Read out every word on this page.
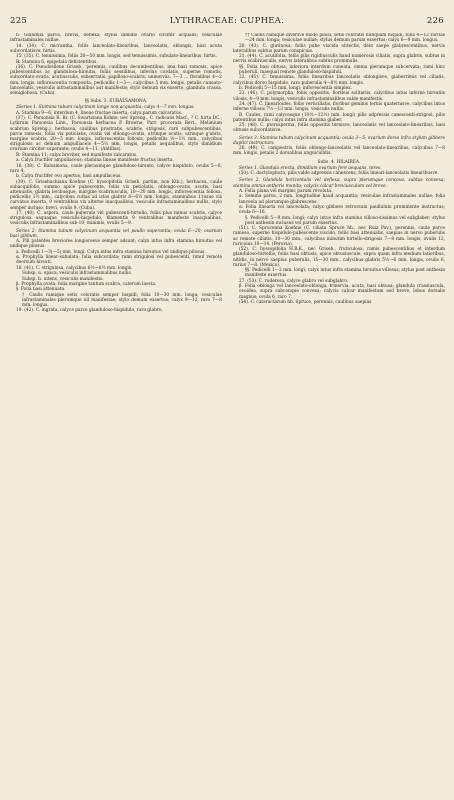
225	LYTHRACEAE: CUPHEA.	226

b. Glandula parva, brevis, deflexa; stylus dimidio ovario circiter acqualis; vesiculae infrastaminales nullae.

14. (34). C. micrantha, foliis lanceolato-linearibus, lanceolatis, oblongis, basi acuta subcordatisve, hirtis.

15. (35). C. tenuissima, foliis 20—50 mm. longis, sed tenuissimis, subulato-linearibus, hirtis.

B. Stamina 6, epipetala deficientibus.

(36). C. Pseudosilene Griseb., perennis, caulibus decumbentibus, ima basi ramosis, apice pubescentibus ac glanduloso-hirsutis, foliis sessilibus, inferius cordatis, superne remotis, subcordato-ovatis, acutiusculis, subserratis, papilloso-scabris, uninerviis, 7—3 ... floralibus 4—2 mm. longis, inflorescentia composita, pedicellis 1—3—, calycibus 5 mm. longis, petalis cuneato-lanceolatis, vesiculis infrastaminalibus aut manifestis; stylo demum vix exserto, glandula crassa, semiglobosa. (Cuba).

§§ Subs. 3. EUBALSAMONA.

‡Series 1. Stamina tubum calycinum longe non acquantia; calyx 4—7 mm. longus.

A. Stamina 9—6, interdum 4, lineae fructae inserta; calyx parum calcaratus.

(37). C. Parsonsia R. Br. (C. Swartziana Kohne, nec Spreng., C. radicans Macf., ? C. hirta DC., Lythrum Parsonsia Linn., Parsonsia herbacea P. Browne, Parr. procerata Bert., Melanium scabrum Spreng.), herbacea, caulibus prostratis, scabris, strigosis, raro subpubescentibus, parce ramosis, foliis vix petiolatis, ovatis vel oblongo-ovatis, utrinque acutis, utrinque g'abris, margine scabris, 20—5 mm. longis, inflorescentia foliosis, pedicellis ½—1½ mm., calycibus strigulosis ac demum ampulliaceis 4—5½ mm. longis, petalis aequalibus, stylo dimidium ovarium circiter superante; ovulis 4—11. (Antillas).

B. Stamina 11; calyx breviter, sed manifeste calcaratus.

a. Calyx fructifer ampullaceus; stamina lineae manifeste fructus inserta.

16. (38). C. Balsamona, caule pleraumque glanduloso-hirsuto, calyce hispidulo, ovulis 5—8, raro 4.

b. Calyx fructifer ovo apertus, basi ampullaceus.

(39). C. Grisebachiana Koehne (C. hyssopifolia Griseb. partim, non Kth.), herbacea, caule subacquifolio, summo apice pubescente, foliis vix petiolatis, oblongo-ovatis, acutis, basi attenuatis, glabris levibusque, margine scabriusculis, 10—20 mm. longis, inflorescentia foliosa, pedicellis 1½ mm., calycibus cultas ad istos glabris 6—6½ mm. longis, staminibus 11usue vix curvatus inserta, 9 ventralibus vix alterne inacqualibus, vesiculis infrastaminalibus nullis, stylo semper incluso, brevi, ovulis 9. (Cuba).

17. (40). C. aspera, caule puberulo vel pubescenti-hirtello, foliis plus minus scabris, calyce strigulosa usquaque vesiculis-hispidulo, filamentis 9 ventralibus manifeste inacqualibus, vesiculis infrastaminalibus sub-10, minimis, ovulis 5—9.

Series 2. Stamina tubum calycinum acquantia vel paullo superantia; ovula 6—20; ovarium basi gibbum.

A. Pili patentes breviores longioresve semper adsunt; calyx intus infra stamina hirsutus vel undique pilosus.

a. Pedicelli 1—3(—5) mm. longi. Calyx intus infra stamina hirsutus vel undique pilosus.

α. Prophylla linear-subulata; folia subcordata; rami strigulosi vel pubescenti, rimul remote deorsum hirsuti.

18. (41). C. strigulosa, calycibus 6½—8½ mm. longis.

Subsp. α. opaca, vesiculis infrastaminalibus nullis.

Subsp. b. nitens, vesiculis manifestis.

β. Prophylla ovata; folia margine tantum scabra, caterum laevia.

§. Folia basi attenuata.

† Caulis ramique setis coloratis semper hispidi; folia 10—30 mm. longa; vesiculae infrastaminales plerumque nil manifestae; stylo demum exsertus; calyx 9—12, raro 7—8 mm. longus.

19. (42). C. ingrata, calyce parce glanduloso-hispidulo, raro glabro,

†† Caulis ramique diversve mode pilosi, setis coloratis nunquam hispidi, folia 4—12 raritas —24 mm. longa; vesiculae nullae; stylus demum parum exsertus; calyx 6—9 mm. longus.

20. (43). C. glutinosa, foliis pube viscida obtectis, dein saepe glabrescentibus, nervis lateralibus subtus parum conspicuis.

21. (44). C. acutifolia, foliis pilis rigidiusculis haud numerosis ciliatis, supra glabris, subtus in nervis scabriusculis, nervis lateralibus subtus prominulis.

§§. Folia basi obtusa, inferiora interdum cuneata, omnia plerumque subcervata; rami hinc puberuli, inaequal remote glanduloso-hispiduli.

22. (45). C. tenuissima, foliis linearibus lanceolatis oblongisve, glaberrimis vel ciliatis, calycibus dorso hispidulo, raro puberulis 4—8½ mm. longis.

b. Pedicelli 5—15 mm. longi; inflorescentia simplex.

23. (46). C. polymorpha, foliis oppositis, floribus solitariis, calycibus intus inferne hirsutiis vilosis, 4—9 mm. longis, vesiculis infrastaminalibus valde manifestis.

24. (47). C. linearioides, foliis verticillatis, floribus geminis ternis quaternisve, calycibus intus inferne villosis 7½—13 mm. longis, vesiculis nullis.

B. Caules, rami calycesque (10½—12½) mm. longi) pilis adpressis canescenti-strigosi, pilis patentibus nullis; calyx intus infra stamina glaber.

25. (48). C. pterosperma, foliis oppositis ternisve, lanceolatis vel lanceolato-linearibus, basi obtusis subcordatisve.

Series 3. Stamina tubum calycinum acquantia; ovula 3—5; ovarium dorso infra stylum gibbere duplici instructum.

26. (49). C. campestris, foliis oblongo-lanceolatis vel lanceolato-linearibus, calycibus 7—8 mm. longis, petalis 2 dorsalibus unguiculatis.

Subs. 4. HILAIREA.

Series 1. Glandula erecta, dimidium ovarium fere aequans, teres.

(50). C. dactylophora, pilis valde adpressis canescens, foliis lineari-lanceolatis linearibusve.

Series 2. Glandula horizontalis vel deflexa, supra plerumque concava, subtus convexa; stamina omnia antheris munita; calycis calcar breviusculum vel breve.

A. Folia plana vel marginc parum revoluta.

a. Semina parva, 2 mm. longitudine haud acquantia; vesiculae infrastaminales nullae; folia lanceola ad plerumque glabrescens.

α. Folia linearia vel lanceolata; calyx gibbere retrorsum paullulum prominente instructus; ovula 6—16.

§. Pedicelli 5—9 mm. longi; calyx intus infra stamina villoso-sissimus vel subglaber; stylus post anthesin inclusus vel parum exsertus.

(51). C. Spruceana Koehne (C. ciliata Spruce hb., nec Ruiz Pav.), perennis, caule parce ramoso, superne hispidulo-pubescente viscido, foliis basi attenuatis, saepius in nervo puberulis ac remote ciliatis, 10—30 mm., calycibus minutim hirtello-strigosis 7—8 mm. longis, ovulis 12, raricuius 10—14. (Peruvia).

(52). C. hyssopifolia H.B.K., nec Griseb., fruticulosa, ramis pubescentibus et interdum glanduloso-hirtellis, foliis basi obtusis, apice obtusiuscule, supra quam infra medium latioribus, nitidis, in nervo saepius puberulis, 15—30 mm., calycibus glabris 5½—6 mm. longis, ovulis 6, rarius 7—8. (Mexico).

§§. Pedicelli 1—2 mm. longi; calyx intus infra stamina hirsutus villosus; stylus post anthesin manifeste exsertus.

27. (53). C. ruderosa, calyce glabro vel subglabro.

β. Folia oblonga vel lanceolato-oblonga, trinervia, acuta, basi obtusa; glandula crassiuscula, ovoidea, supra subconque convexa; calycis calcar manifestum sed breve, lobus dorsalis magnus; ovula 6, raro 7.

(54). C. cataractarum hb. Spruce, perennis, caulibus saepius
